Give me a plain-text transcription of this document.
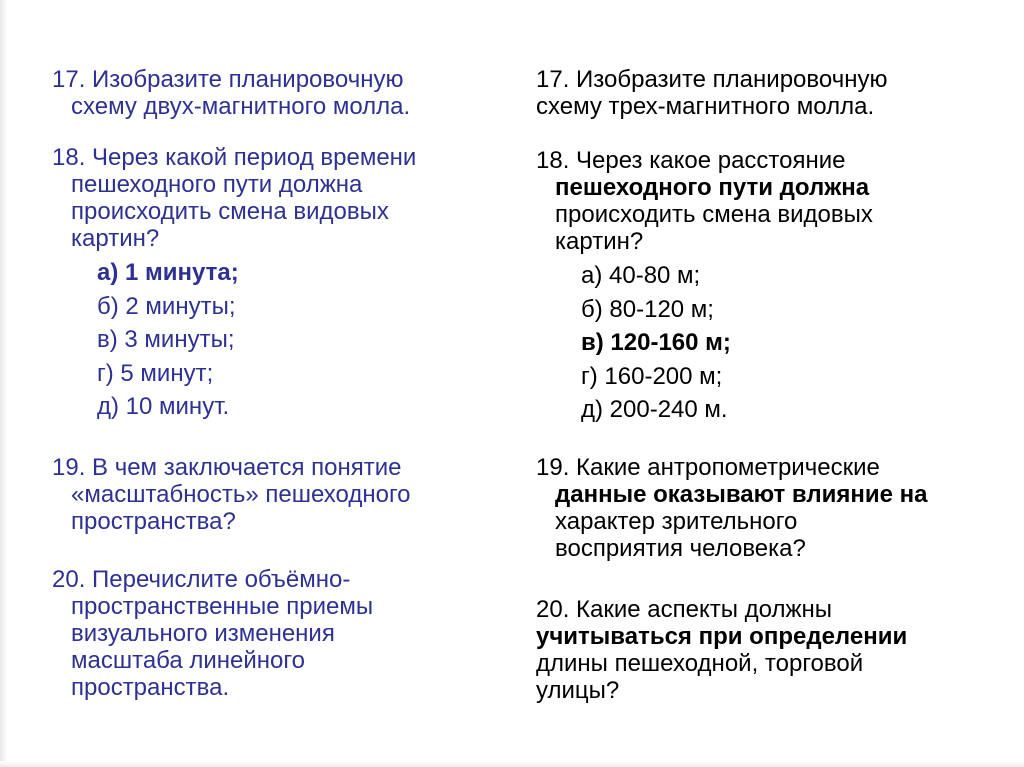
17. Изобразите планировочную
схему двух-магнитного молла.
18. Через какой период времени
пешеходного пути должна
происходить смена видовых
картин?
а) 1 минута;
б) 2 минуты;
в) 3 минуты;
г) 5 минут;
д) 10 минут.
19. В чем заключается понятие
«масштабность» пешеходного
пространства?
20. Перечислите объёмно-
пространственные приемы
визуального изменения
масштаба линейного
пространства.
17. Изобразите планировочную
схему трех-магнитного молла.
18. Через какое расстояние
пешеходного пути должна
происходить смена видовых
картин?
а) 40-80 м;
б) 80-120 м;
в) 120-160 м;
г) 160-200 м;
д) 200-240 м.
19. Какие антропометрические
данные оказывают влияние на
характер зрительного
восприятия человека?
20. Какие аспекты должны
учитываться при определении
длины пешеходной, торговой
улицы?
